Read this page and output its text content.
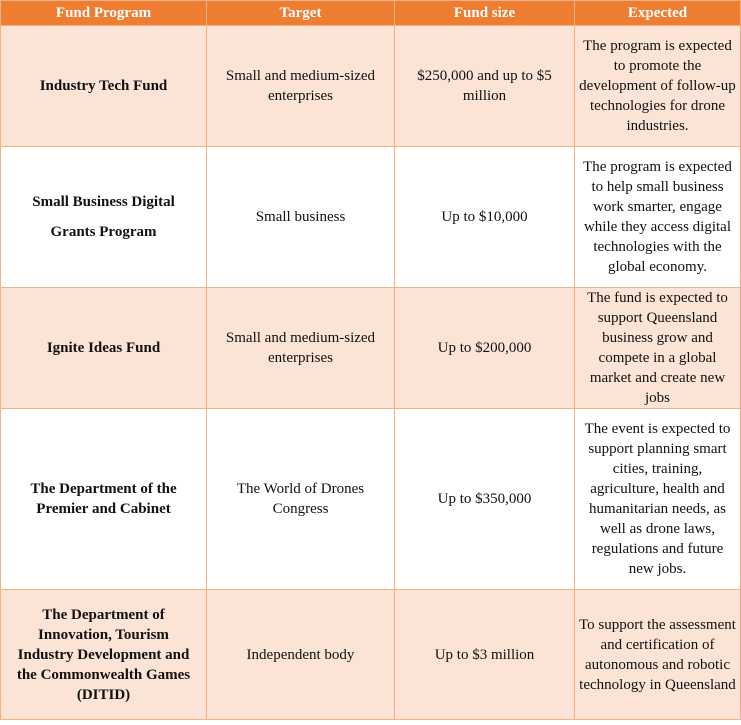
Fund Program	Target	Fund size	Expected
Industry Tech Fund	Small and medium-sized enterprises	$250,000 and up to $5 million	The program is expected to promote the development of follow-up technologies for drone industries.
Small Business Digital Grants Program	Small business	Up to $10,000	The program is expected to help small business work smarter, engage while they access digital technologies with the global economy.
Ignite Ideas Fund	Small and medium-sized enterprises	Up to $200,000	The fund is expected to support Queensland business grow and compete in a global market and create new jobs
The Department of the Premier and Cabinet	The World of Drones Congress	Up to $350,000	The event is expected to support planning smart cities, training, agriculture, health and humanitarian needs, as well as drone laws, regulations and future new jobs.
The Department of Innovation, Tourism Industry Development and the Commonwealth Games (DITID)	Independent body	Up to $3 million	To support the assessment and certification of autonomous and robotic technology in Queensland
